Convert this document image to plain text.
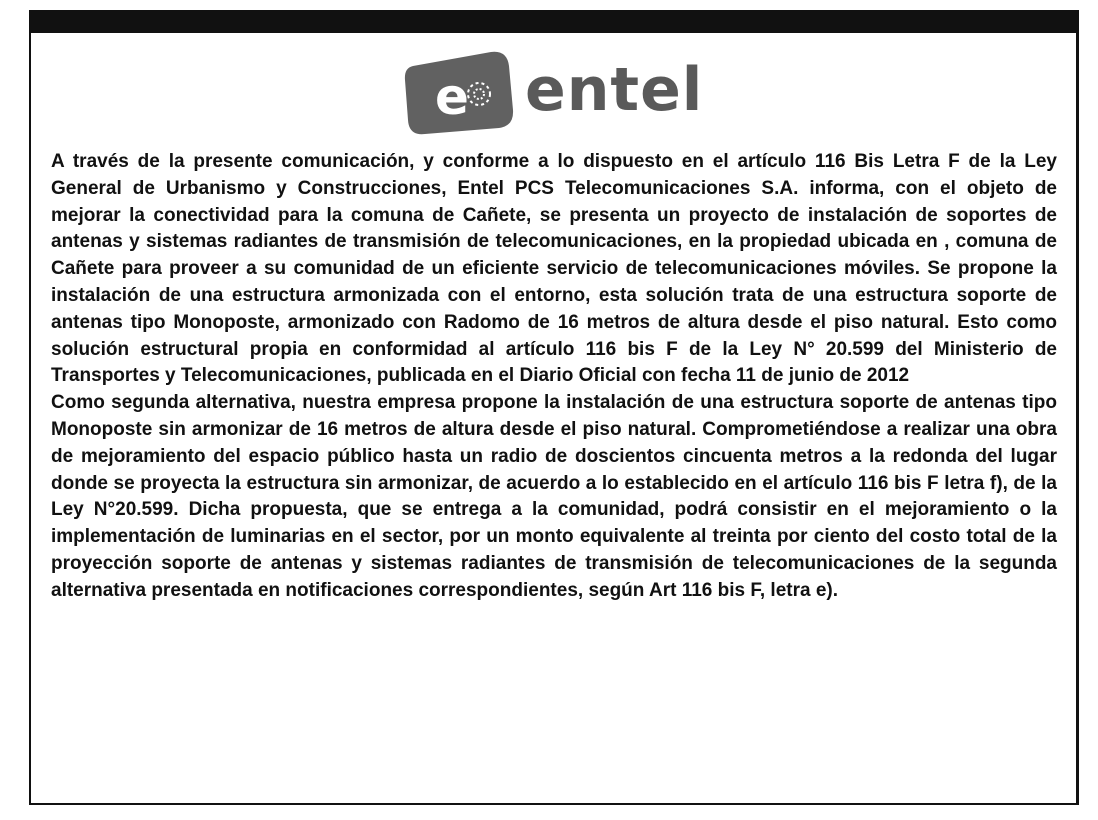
e entel

A través de la presente comunicación, y conforme a lo dispuesto en el artículo 116 Bis Letra F de la Ley General de Urbanismo y Construcciones, Entel PCS Telecomunicaciones S.A. informa, con el objeto de mejorar la conectividad para la comuna de Cañete, se presenta un proyecto de instalación de soportes de antenas y sistemas radiantes de transmisión de telecomunicaciones, en la propiedad ubicada en , comuna de Cañete para proveer a su comunidad de un eficiente servicio de telecomunicaciones móviles. Se propone la instalación de una estructura armonizada con el entorno, esta solución trata de una estructura soporte de antenas tipo Monoposte, armonizado con Radomo de 16 metros de altura desde el piso natural. Esto como solución estructural propia en conformidad al artículo 116 bis F de la Ley N° 20.599 del Ministerio de Transportes y Telecomunicaciones, publicada en el Diario Oficial con fecha 11 de junio de 2012

Como segunda alternativa, nuestra empresa propone la instalación de una estructura soporte de antenas tipo Monoposte sin armonizar de 16 metros de altura desde el piso natural. Comprometiéndose a realizar una obra de mejoramiento del espacio público hasta un radio de doscientos cincuenta metros a la redonda del lugar donde se proyecta la estructura sin armonizar, de acuerdo a lo establecido en el artículo 116 bis F letra f), de la Ley N°20.599. Dicha propuesta, que se entrega a la comunidad, podrá consistir en el mejoramiento o la implementación de luminarias en el sector, por un monto equivalente al treinta por ciento del costo total de la proyección soporte de antenas y sistemas radiantes de transmisión de telecomunicaciones de la segunda alternativa presentada en notificaciones correspondientes, según Art 116 bis F, letra e).
